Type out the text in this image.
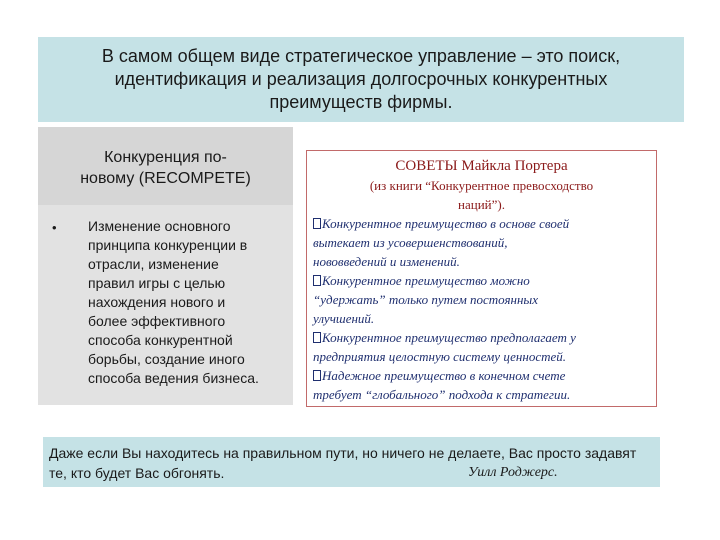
В самом общем виде стратегическое управление – это поиск,
идентификация и реализация долгосрочных конкурентных
преимуществ фирмы.
Конкуренция по-
новому (RECOMPETE)
• Изменение основного
принципа конкуренции в
отрасли, изменение
правил игры с целью
нахождения нового и
более эффективного
способа конкурентной
борьбы, создание иного
способа ведения бизнеса.
СОВЕТЫ Майкла Портера
(из книги “Конкурентное превосходство
наций”).
Конкурентное преимущество в основе своей
вытекает из усовершенствований,
нововведений и изменений.
Конкурентное преимущество можно
“удержать” только путем постоянных
улучшений.
Конкурентное преимущество предполагает у
предприятия целостную систему ценностей.
Надежное преимущество в конечном счете
требует “глобального” подхода к стратегии.
Даже если Вы находитесь на правильном пути, но ничего не делаете, Вас просто задавят те, кто будет Вас обгонять.	Уилл Роджерс.
